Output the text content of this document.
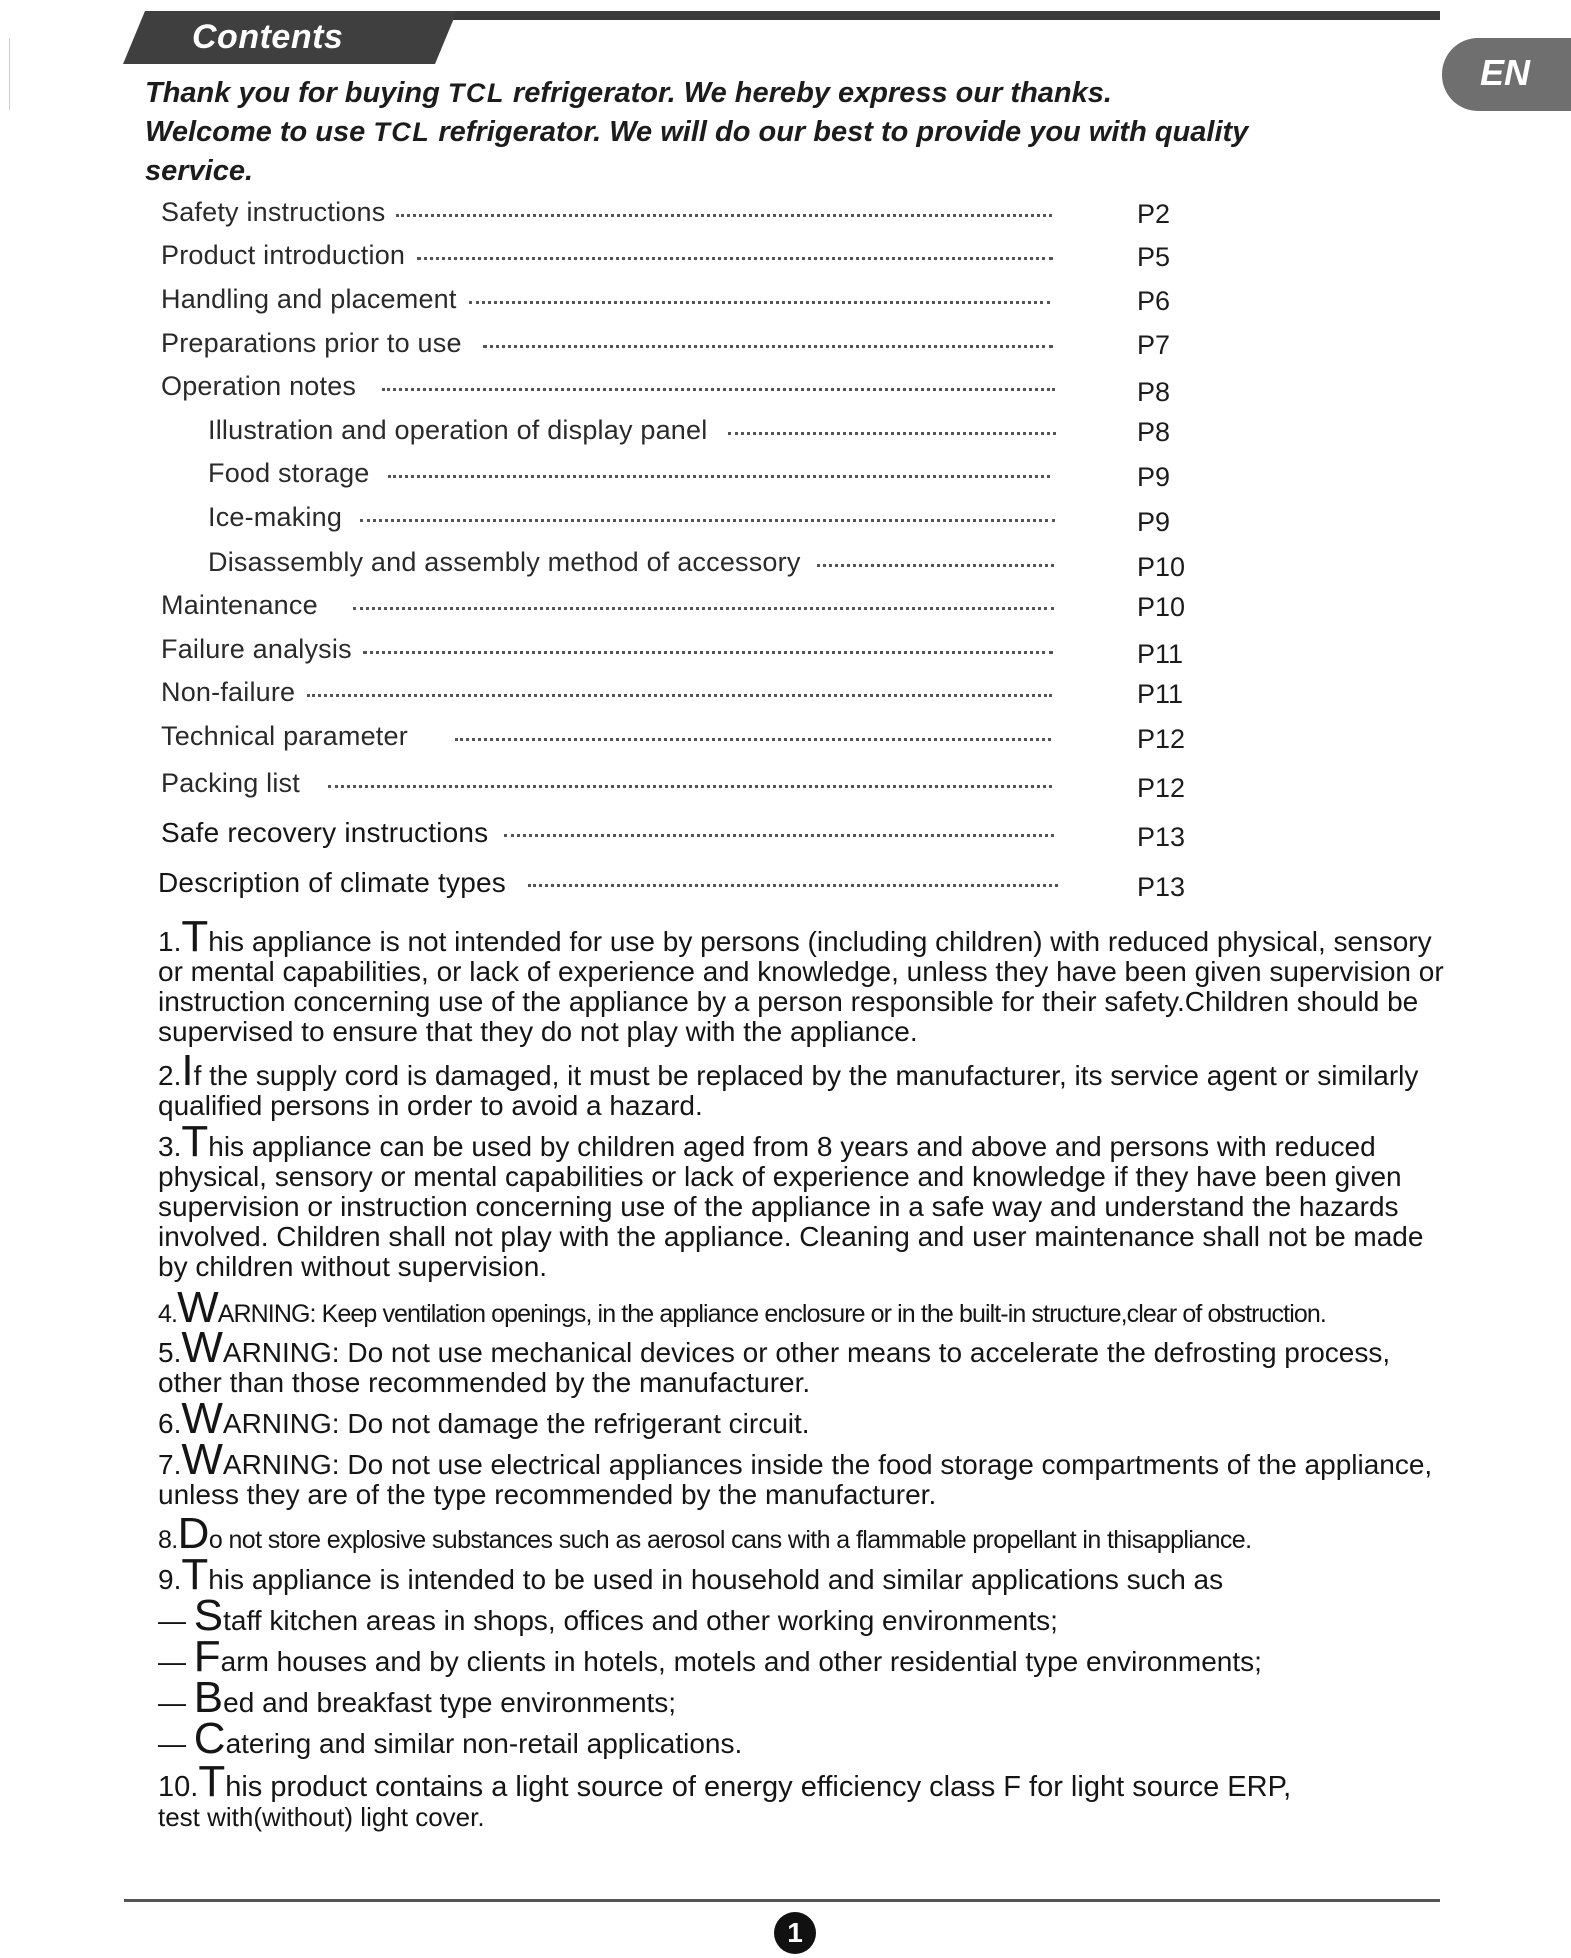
Contents
EN
Thank you for buying TCL refrigerator. We hereby express our thanks.
Welcome to use TCL refrigerator. We will do our best to provide you with quality service.
Safety instructions	P2
Product introduction	P5
Handling and placement	P6
Preparations prior to use	P7
Operation notes	P8
Illustration and operation of display panel	P8
Food storage	P9
Ice-making	P9
Disassembly and assembly method of accessory	P10
Maintenance	P10
Failure analysis	P11
Non-failure	P11
Technical parameter	P12
Packing list	P12
Safe recovery instructions	P13
Description of climate types	P13
1.This appliance is not intended for use by persons (including children) with reduced physical, sensory or mental capabilities, or lack of experience and knowledge, unless they have been given supervision or instruction concerning use of the appliance by a person responsible for their safety.Children should be supervised to ensure that they do not play with the appliance.
2.If the supply cord is damaged, it must be replaced by the manufacturer, its service agent or similarly qualified persons in order to avoid a hazard.
3.This appliance can be used by children aged from 8 years and above and persons with reduced physical, sensory or mental capabilities or lack of experience and knowledge if they have been given supervision or instruction concerning use of the appliance in a safe way and understand the hazards involved. Children shall not play with the appliance. Cleaning and user maintenance shall not be made by children without supervision.
4.WARNING: Keep ventilation openings, in the appliance enclosure or in the built-in structure,clear of obstruction.
5.WARNING: Do not use mechanical devices or other means to accelerate the defrosting process, other than those recommended by the manufacturer.
6.WARNING: Do not damage the refrigerant circuit.
7.WARNING: Do not use electrical appliances inside the food storage compartments of the appliance, unless they are of the type recommended by the manufacturer.
8.Do not store explosive substances such as aerosol cans with a flammable propellant in thisappliance.
9.This appliance is intended to be used in household and similar applications such as
— Staff kitchen areas in shops, offices and other working environments;
— Farm houses and by clients in hotels, motels and other residential type environments;
— Bed and breakfast type environments;
— Catering and similar non-retail applications.
10.This product contains a light source of energy efficiency class F for light source ERP,
test with(without) light cover.
1
